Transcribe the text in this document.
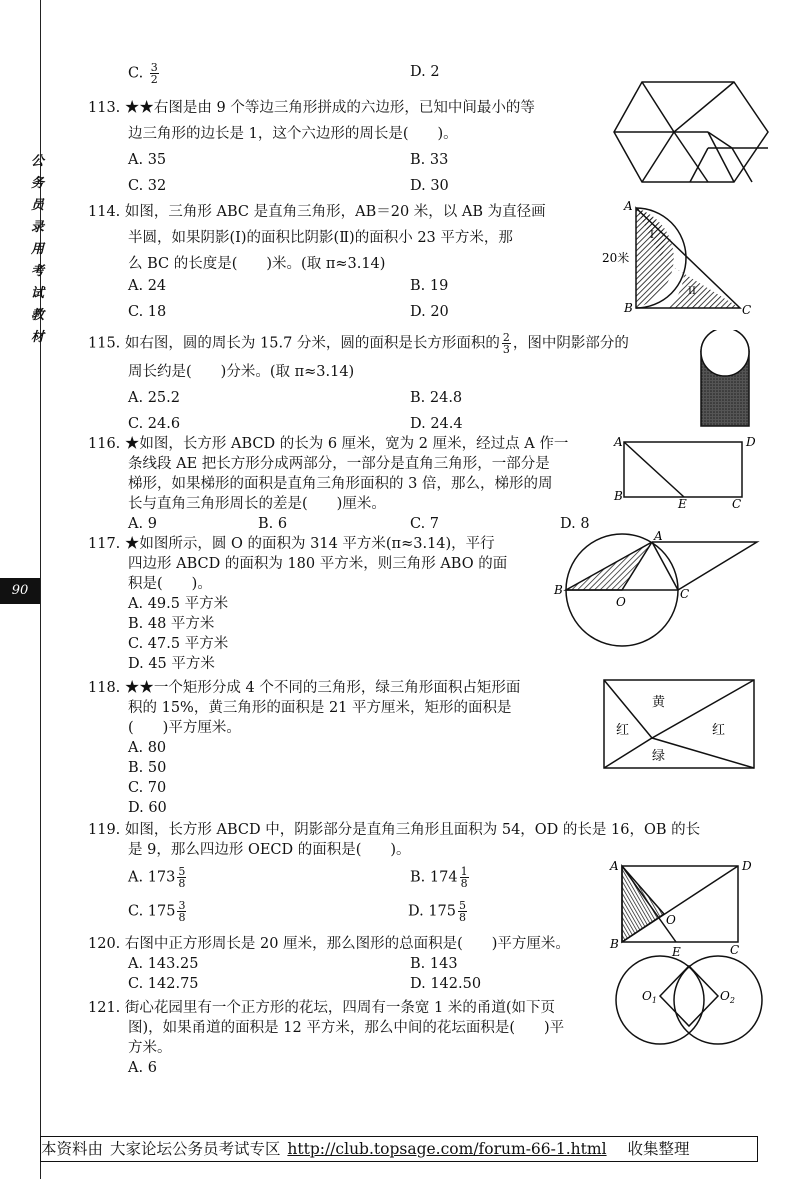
公
务
员
录
用
考
试
教
材
90
C. $\frac{3}{2}$	D. 2
113. ★★右图是由 9 个等边三角形拼成的六边形，已知中间最小的等
边三角形的边长是 1，这个六边形的周长是(　　)。
A. 35	B. 33
C. 32	D. 30
114. 如图，三角形 ABC 是直角三角形，AB＝20 米，以 AB 为直径画
半圆，如果阴影(Ⅰ)的面积比阴影(Ⅱ)的面积小 23 平方米，那
么 BC 的长度是(　　)米。(取 π≈3.14)
A. 24	B. 19
C. 18	D. 20
A
B	C
20米
I
II
115. 如右图，圆的周长为 15.7 分米，圆的面积是长方形面积的 $\frac{2}{3}$ ，图中阴影部分的
周长约是(　　)分米。(取 π≈3.14)
A. 25.2	B. 24.8
C. 24.6	D. 24.4
116. ★如图，长方形 ABCD 的长为 6 厘米，宽为 2 厘米，经过点 A 作一
条线段 AE 把长方形分成两部分，一部分是直角三角形，一部分是
梯形，如果梯形的面积是直角三角形面积的 3 倍，那么，梯形的周
长与直角三角形周长的差是(　　)厘米。
A. 9	B. 6	C. 7	D. 8
A	D
B
C
E
117. ★如图所示，圆 O 的面积为 314 平方米(π≈3.14)，平行
四边形 ABCD 的面积为 180 平方米，则三角形 ABO 的面
积是(　　)。
A. 49.5 平方米
B. 48 平方米
C. 47.5 平方米
D. 45 平方米
A
B	C
O
118. ★★一个矩形分成 4 个不同的三角形，绿三角形面积占矩形面
积的 15%，黄三角形的面积是 21 平方厘米，矩形的面积是
(　　)平方厘米。
A. 80
B. 50
C. 70
D. 60
黄
红	红
绿
119. 如图，长方形 ABCD 中，阴影部分是直角三角形且面积为 54，OD 的长是 16，OB 的长
是 9，那么四边形 OECD 的面积是(　　)。
A. $173 \frac{5}{8}$	B. $174 \frac{1}{8}$
C. $175 \frac{3}{8}$	D. $175 \frac{5}{8}$
A	D
B	C
E
O
120. 右图中正方形周长是 20 厘米，那么图形的总面积是(　　)平方厘米。
A. 143.25	B. 143
C. 142.75	D. 142.50
$O_1$	$O_2$
121. 街心花园里有一个正方形的花坛，四周有一条宽 1 米的甬道(如下页
图)，如果甬道的面积是 12 平方米，那么中间的花坛面积是(　　)平
方米。
A. 6
本资料由 大家论坛公务员考试专区 http://club.topsage.com/forum-66-1.html 收集整理
